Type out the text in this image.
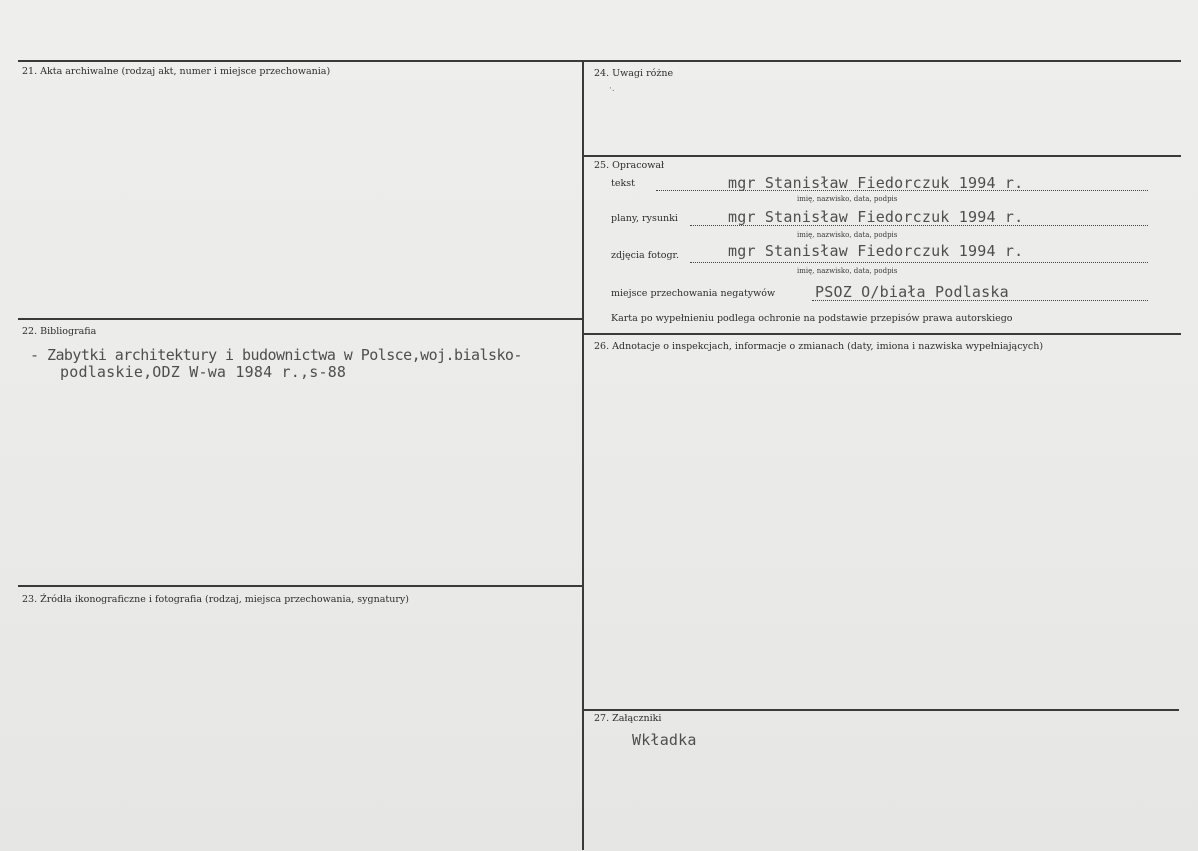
21. Akta archiwalne (rodzaj akt, numer i miejsce przechowania)
22. Bibliografia
- Zabytki architektury i budownictwa w Polsce,woj.bialsko-
podlaskie,ODZ W-wa 1984 r.,s-88
23. Źródła ikonograficzne i fotografia (rodzaj, miejsca przechowania, sygnatury)
24. Uwagi różne
·.
25. Opracował
tekst	mgr Stanisław Fiedorczuk 1994 r.
imię, nazwisko, data, podpis
plany, rysunki	mgr Stanisław Fiedorczuk 1994 r.
imię, nazwisko, data, podpis
zdjęcia fotogr.	mgr Stanisław Fiedorczuk 1994 r.
imię, nazwisko, data, podpis
miejsce przechowania negatywów	PSOZ O/biała Podlaska
Karta po wypełnieniu podlega ochronie na podstawie przepisów prawa autorskiego
26. Adnotacje o inspekcjach, informacje o zmianach (daty, imiona i nazwiska wypełniających)
27. Załączniki
Wkładka
